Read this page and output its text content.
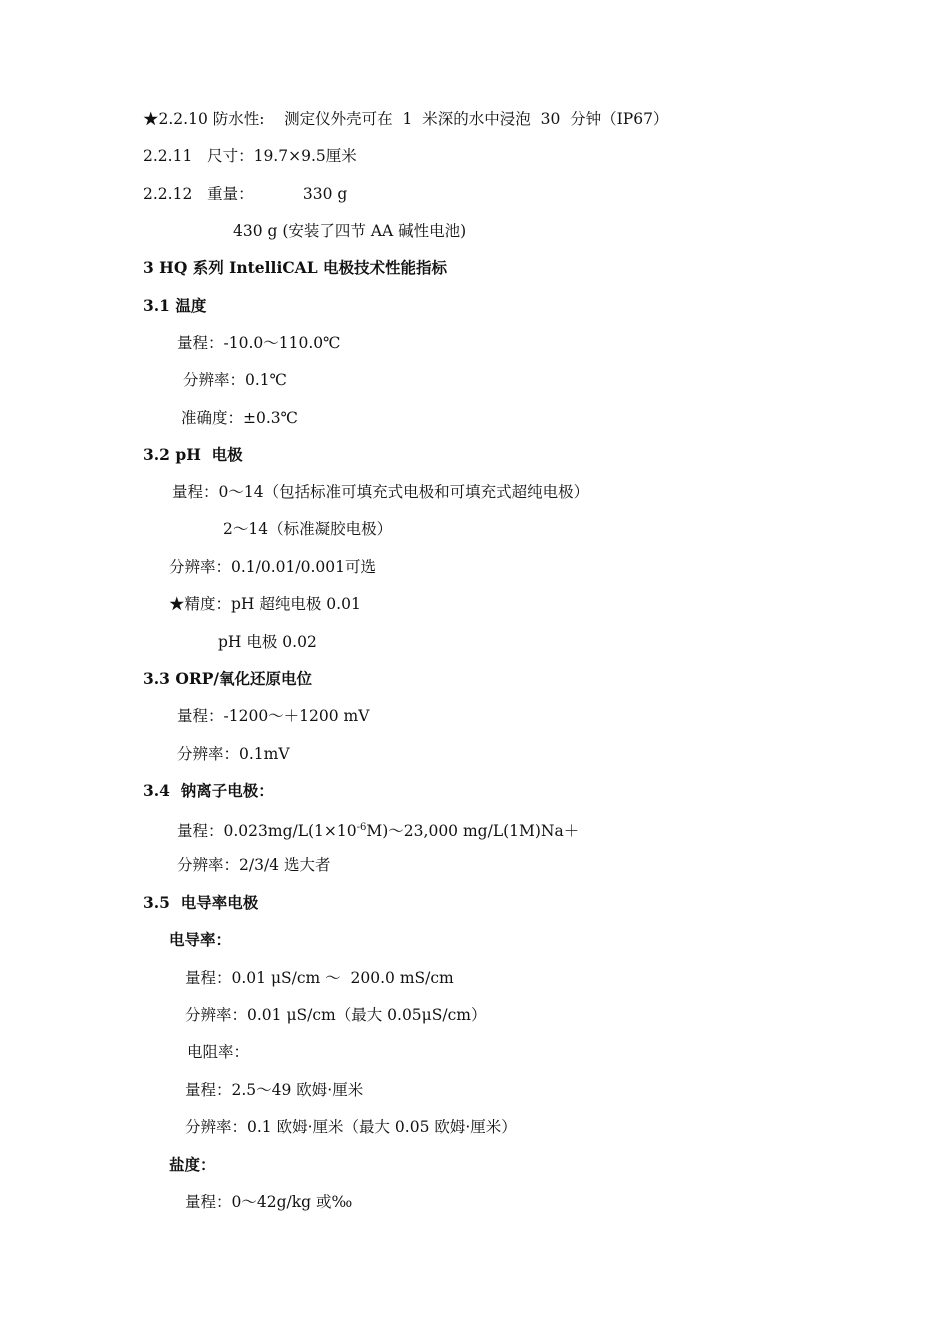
★2.2.10 防水性:    测定仪外壳可在  1  米深的水中浸泡  30  分钟（IP67）
2.2.11   尺寸：19.7×9.5厘米
2.2.12   重量：          330 g
430 g (安装了四节 AA 碱性电池)
3 HQ 系列 IntelliCAL 电极技术性能指标
3.1 温度
量程：-10.0～110.0℃
分辨率：0.1℃
准确度：±0.3℃
3.2 pH  电极
量程：0～14（包括标准可填充式电极和可填充式超纯电极）
2～14（标准凝胶电极）
分辨率：0.1/0.01/0.001可选
★精度：pH 超纯电极 0.01
pH 电极 0.02
3.3 ORP/氧化还原电位
量程：-1200～＋1200 mV
分辨率：0.1mV
3.4  钠离子电极：
量程：$0.023mg/L(1\times 10^{-6}M)\sim 23,000$ mg/L(1M)Na＋
分辨率：2/3/4 选大者
3.5  电导率电极
电导率：
量程：0.01 μS/cm ～  200.0 mS/cm
分辨率：0.01 μS/cm（最大 0.05μS/cm）
电阻率：
量程：2.5～49 欧姆·厘米
分辨率：0.1 欧姆·厘米（最大 0.05 欧姆·厘米）
盐度：
量程：0～42g/kg 或‰
